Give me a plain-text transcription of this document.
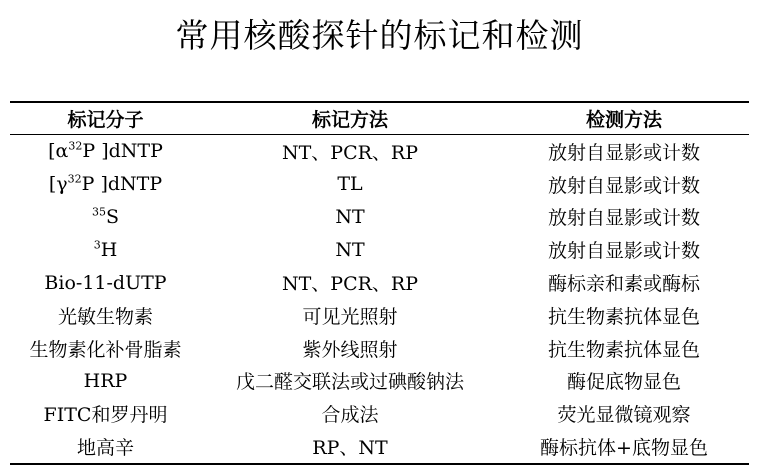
常用核酸探针的标记和检测
标记分子	标记方法	检测方法
[$\alpha^{32}P$ ]dNTP	NT、PCR、RP	放射自显影或计数
[$\gamma^{32}P$ ]dNTP	TL	放射自显影或计数
$^{35}$S	NT	放射自显影或计数
$^3$H	NT	放射自显影或计数
Bio-11-dUTP	NT、PCR、RP	酶标亲和素或酶标
光敏生物素	可见光照射	抗生物素抗体显色
生物素化补骨脂素	紫外线照射	抗生物素抗体显色
HRP	戊二醛交联法或过碘酸钠法	酶促底物显色
FITC和罗丹明	合成法	荧光显微镜观察
地高辛	RP、NT	酶标抗体+底物显色
